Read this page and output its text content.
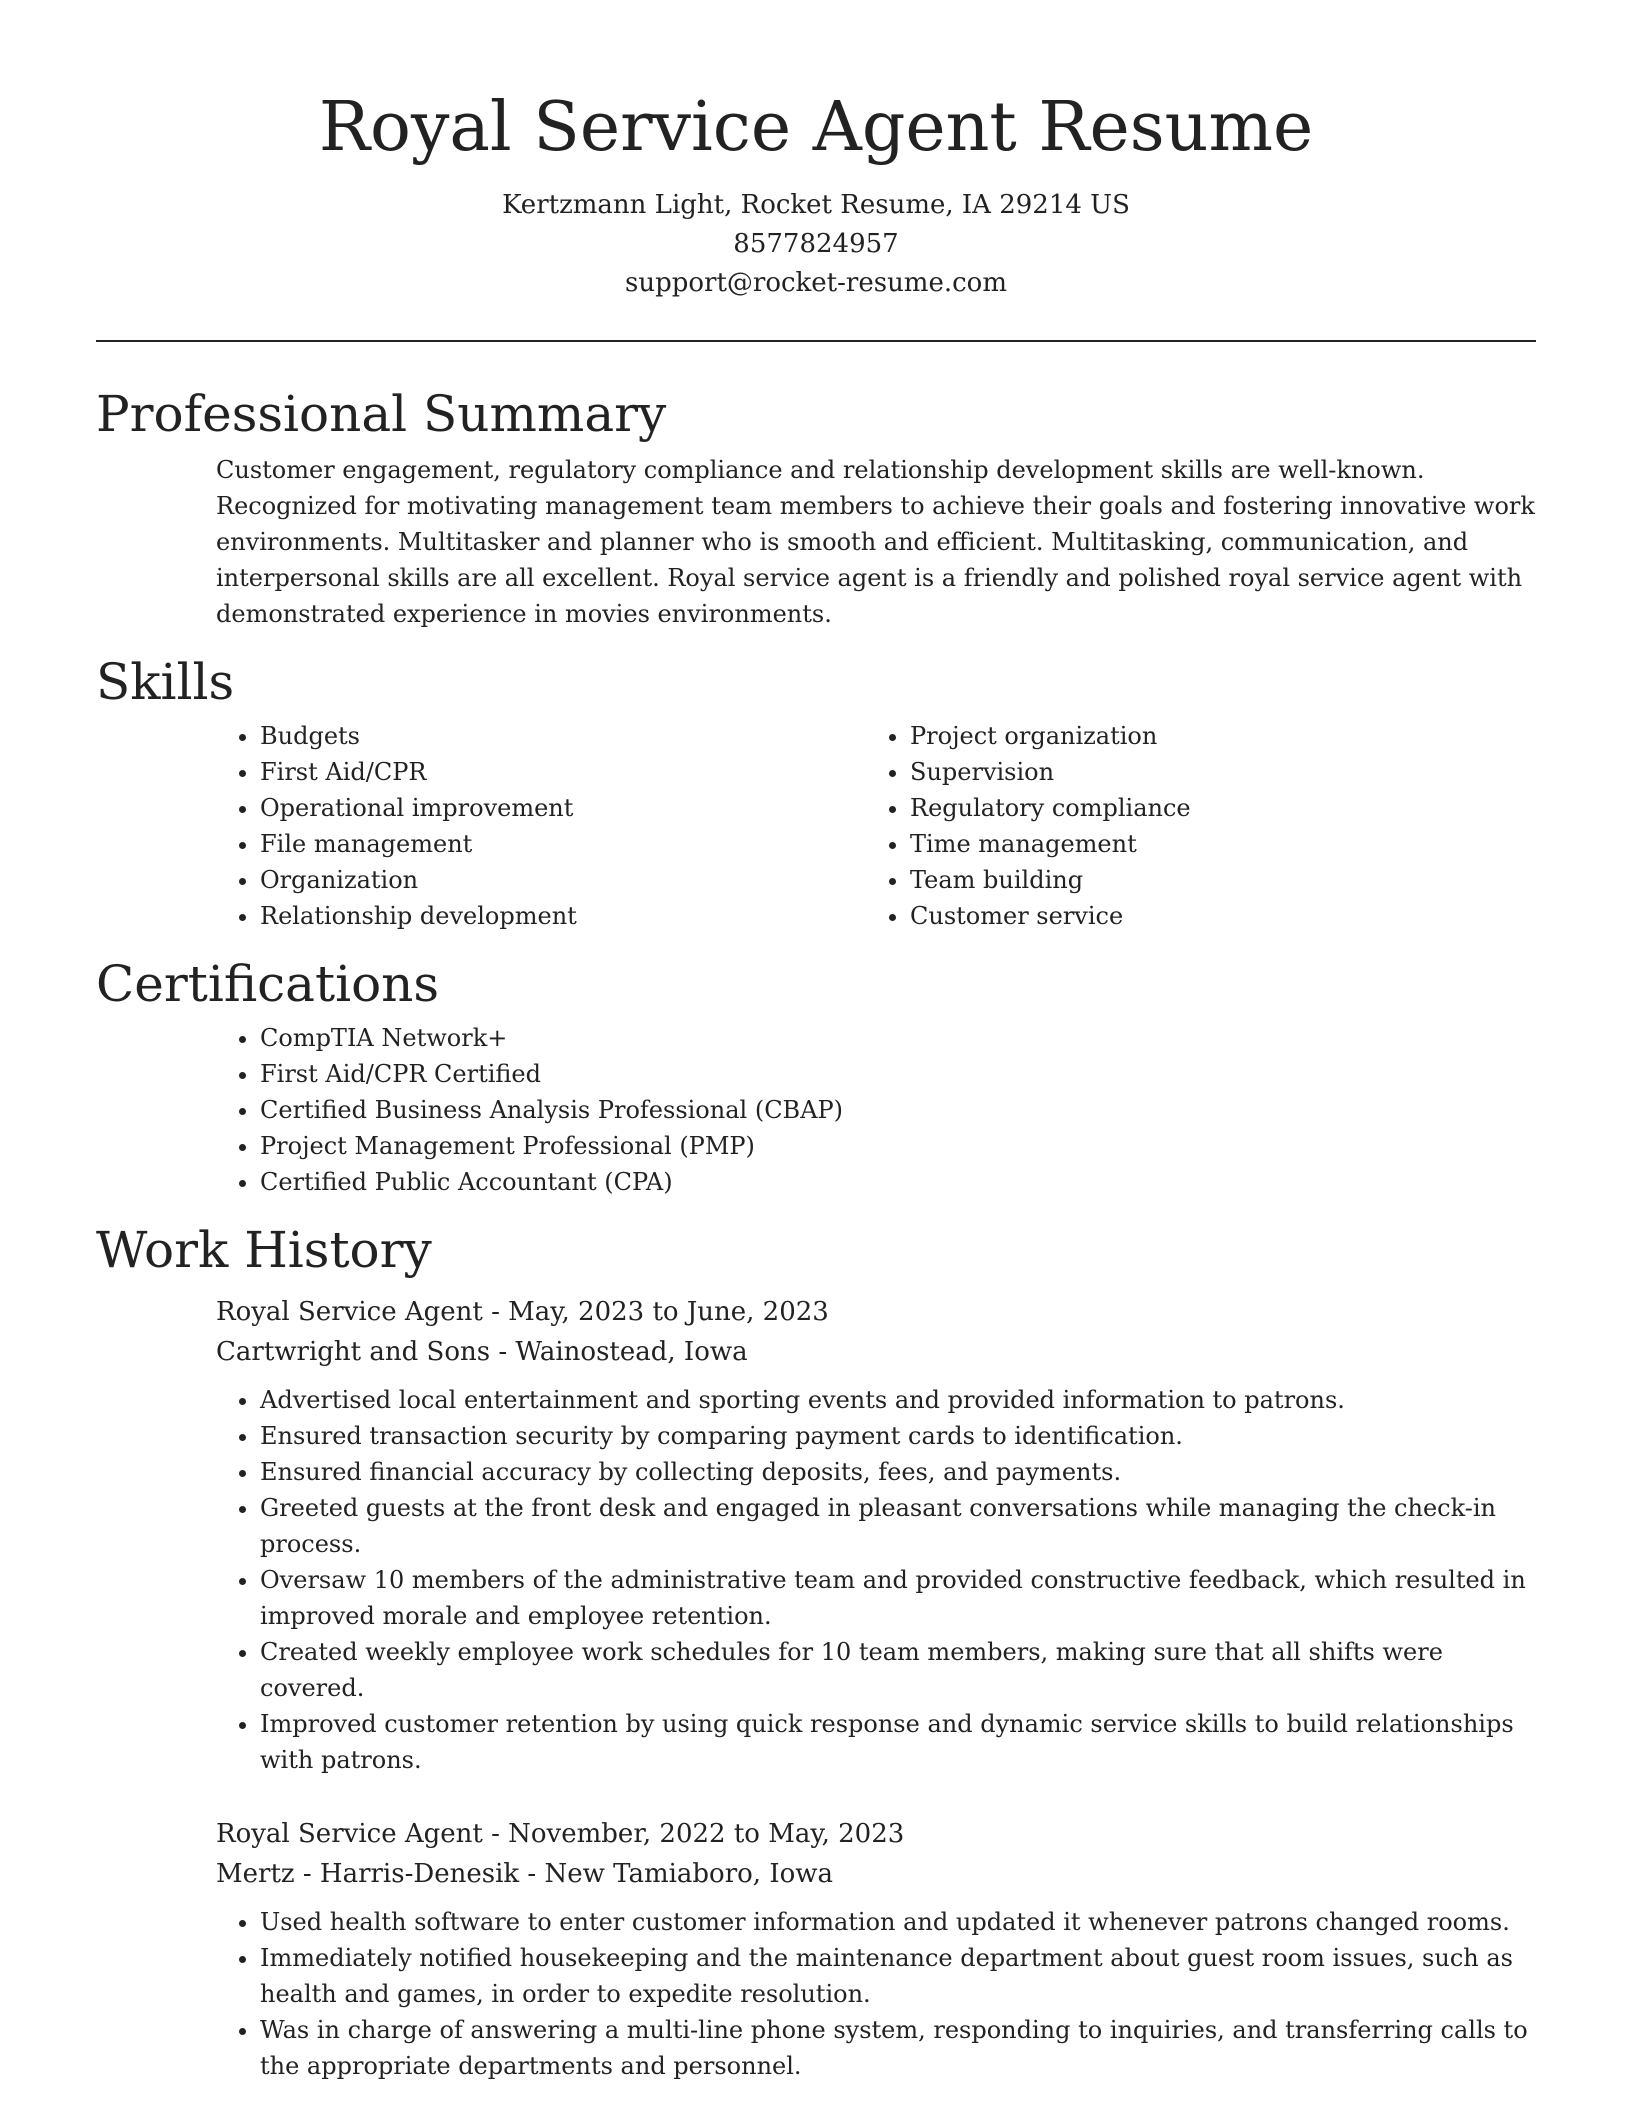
Royal Service Agent Resume
Kertzmann Light, Rocket Resume, IA 29214 US
8577824957
support@rocket-resume.com
Professional Summary

Customer engagement, regulatory compliance and relationship development skills are well-known. Recognized for motivating management team members to achieve their goals and fostering innovative work environments. Multitasker and planner who is smooth and efficient. Multitasking, communication, and interpersonal skills are all excellent. Royal service agent is a friendly and polished royal service agent with demonstrated experience in movies environments.

Skills
• Budgets
• First Aid/CPR
• Operational improvement
• File management
• Organization
• Relationship development
• Project organization
• Supervision
• Regulatory compliance
• Time management
• Team building
• Customer service
Certifications
• CompTIA Network+
• First Aid/CPR Certified
• Certified Business Analysis Professional (CBAP)
• Project Management Professional (PMP)
• Certified Public Accountant (CPA)
Work History
Royal Service Agent - May, 2023 to June, 2023
Cartwright and Sons - Wainostead, Iowa
• Advertised local entertainment and sporting events and provided information to patrons.
• Ensured transaction security by comparing payment cards to identification.
• Ensured financial accuracy by collecting deposits, fees, and payments.
• Greeted guests at the front desk and engaged in pleasant conversations while managing the check-in process.
• Oversaw 10 members of the administrative team and provided constructive feedback, which resulted in improved morale and employee retention.
• Created weekly employee work schedules for 10 team members, making sure that all shifts were covered.
• Improved customer retention by using quick response and dynamic service skills to build relationships with patrons.
Royal Service Agent - November, 2022 to May, 2023
Mertz - Harris-Denesik - New Tamiaboro, Iowa
• Used health software to enter customer information and updated it whenever patrons changed rooms.
• Immediately notified housekeeping and the maintenance department about guest room issues, such as health and games, in order to expedite resolution.
• Was in charge of answering a multi-line phone system, responding to inquiries, and transferring calls to the appropriate departments and personnel.
